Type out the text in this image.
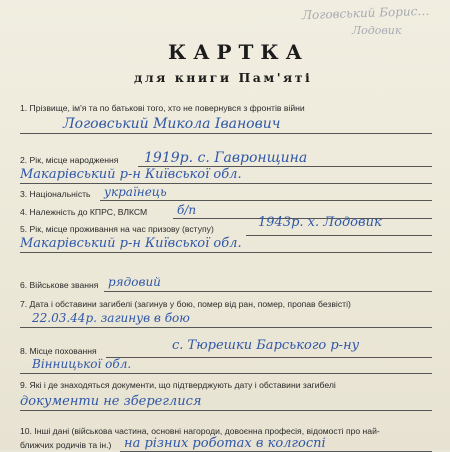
Логовський Борис…
Лодовик
КАРТКА
для книги Пам'яті
1. Прізвище, ім'я та по батькові того, хто не повернувся з фронтів війни
Логовський Микола Іванович
2. Рік, місце народження 1919р. с. Гавронщина
Макарівський р-н Київської обл.
3. Національність українець
4. Належність до КПРС, ВЛКСМ б/п
5. Рік, місце проживання на час призову (вступу)	1943р. х. Лодовик
Макарівський р-н Київської обл.
6. Військове звання рядовий
7. Дата і обставини загибелі (загинув у бою, помер від ран, помер, пропав безвісті)
22.03.44р. загинув в бою
8. Місце поховання	с. Тюрешки Барського р-ну
Вінницької обл.
9. Які і де знаходяться документи, що підтверджують дату і обставини загибелі
документи не збереглися
10. Інші дані (військова частина, основні нагороди, довоєнна професія, відомості про най-
ближчих родичів та ін.) на різних роботах в колгоспі
